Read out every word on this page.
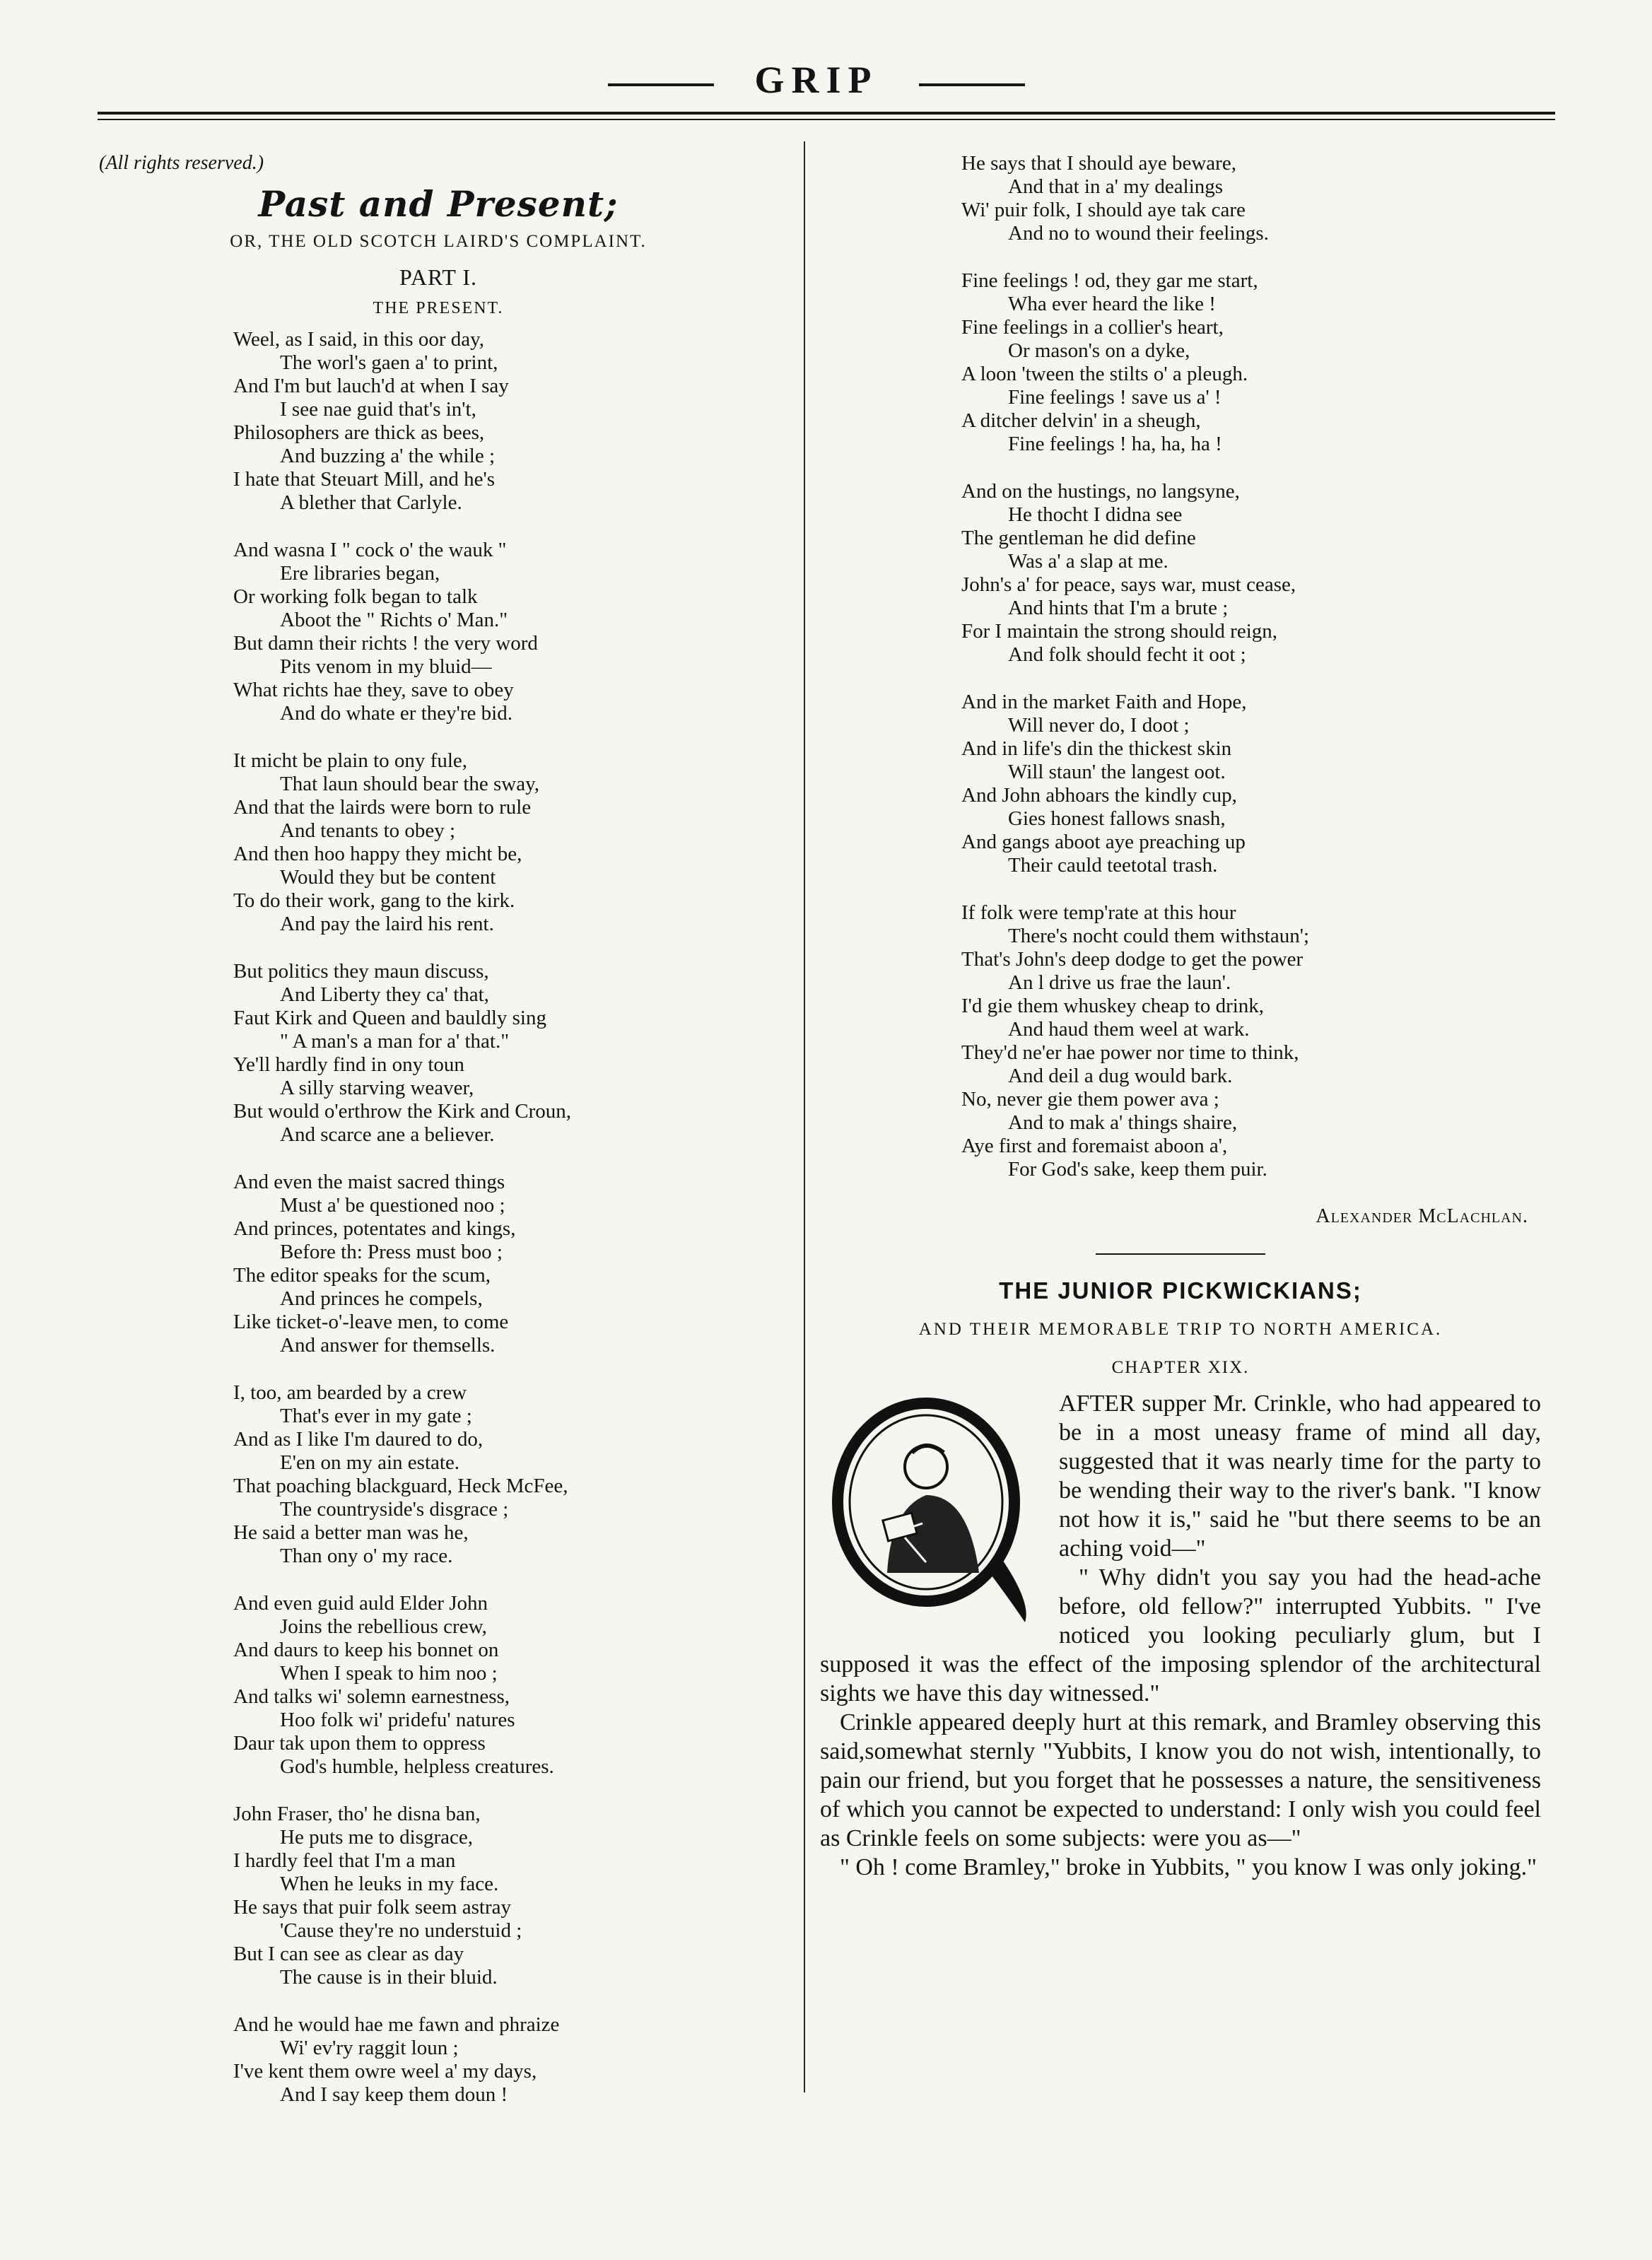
GRIP
(All rights reserved.)
Past and Present;
OR, THE OLD SCOTCH LAIRD'S COMPLAINT.
PART I.
THE PRESENT.
Weel, as I said, in this oor day,
The worl's gaen a' to print,
And I'm but lauch'd at when I say
I see nae guid that's in't,
Philosophers are thick as bees,
And buzzing a' the while ;
I hate that Steuart Mill, and he's
A blether that Carlyle.
And wasna I " cock o' the wauk "
Ere libraries began,
Or working folk began to talk
Aboot the " Richts o' Man."
But damn their richts ! the very word
Pits venom in my bluid—
What richts hae they, save to obey
And do whate er they're bid.
It micht be plain to ony fule,
That laun should bear the sway,
And that the lairds were born to rule
And tenants to obey ;
And then hoo happy they micht be,
Would they but be content
To do their work, gang to the kirk.
And pay the laird his rent.
But politics they maun discuss,
And Liberty they ca' that,
Faut Kirk and Queen and bauldly sing
" A man's a man for a' that."
Ye'll hardly find in ony toun
A silly starving weaver,
But would o'erthrow the Kirk and Croun,
And scarce ane a believer.
And even the maist sacred things
Must a' be questioned noo ;
And princes, potentates and kings,
Before th: Press must boo ;
The editor speaks for the scum,
And princes he compels,
Like ticket-o'-leave men, to come
And answer for themsells.
I, too, am bearded by a crew
That's ever in my gate ;
And as I like I'm daured to do,
E'en on my ain estate.
That poaching blackguard, Heck McFee,
The countryside's disgrace ;
He said a better man was he,
Than ony o' my race.
And even guid auld Elder John
Joins the rebellious crew,
And daurs to keep his bonnet on
When I speak to him noo ;
And talks wi' solemn earnestness,
Hoo folk wi' pridefu' natures
Daur tak upon them to oppress
God's humble, helpless creatures.
John Fraser, tho' he disna ban,
He puts me to disgrace,
I hardly feel that I'm a man
When he leuks in my face.
He says that puir folk seem astray
'Cause they're no understuid ;
But I can see as clear as day
The cause is in their bluid.
And he would hae me fawn and phraize
Wi' ev'ry raggit loun ;
I've kent them owre weel a' my days,
And I say keep them doun !
He says that I should aye beware,
And that in a' my dealings
Wi' puir folk, I should aye tak care
And no to wound their feelings.
Fine feelings ! od, they gar me start,
Wha ever heard the like !
Fine feelings in a collier's heart,
Or mason's on a dyke,
A loon 'tween the stilts o' a pleugh.
Fine feelings ! save us a' !
A ditcher delvin' in a sheugh,
Fine feelings ! ha, ha, ha !
And on the hustings, no langsyne,
He thocht I didna see
The gentleman he did define
Was a' a slap at me.
John's a' for peace, says war, must cease,
And hints that I'm a brute ;
For I maintain the strong should reign,
And folk should fecht it oot ;
And in the market Faith and Hope,
Will never do, I doot ;
And in life's din the thickest skin
Will staun' the langest oot.
And John abhoars the kindly cup,
Gies honest fallows snash,
And gangs aboot aye preaching up
Their cauld teetotal trash.
If folk were temp'rate at this hour
There's nocht could them withstaun';
That's John's deep dodge to get the power
An l drive us frae the laun'.
I'd gie them whuskey cheap to drink,
And haud them weel at wark.
They'd ne'er hae power nor time to think,
And deil a dug would bark.
No, never gie them power ava ;
And to mak a' things shaire,
Aye first and foremaist aboon a',
For God's sake, keep them puir.
Alexander McLachlan.
THE JUNIOR PICKWICKIANS;
AND THEIR MEMORABLE TRIP TO NORTH AMERICA.
CHAPTER XIX.

AFTER supper Mr. Crinkle, who had appeared to be in a most uneasy frame of mind all day, suggested that it was nearly time for the party to be wending their way to the river's bank. "I know not how it is," said he "but there seems to be an aching void—"

" Why didn't you say you had the head-ache before, old fellow?" interrupted Yubbits. " I've noticed you looking peculiarly glum, but I supposed it was the effect of the imposing splendor of the architectural sights we have this day witnessed."

Crinkle appeared deeply hurt at this remark, and Bramley observing this said,somewhat sternly "Yubbits, I know you do not wish, intentionally, to pain our friend, but you forget that he possesses a nature, the sensitiveness of which you cannot be expected to understand: I only wish you could feel as Crinkle feels on some subjects: were you as—"

" Oh ! come Bramley," broke in Yubbits, " you know I was only joking."
